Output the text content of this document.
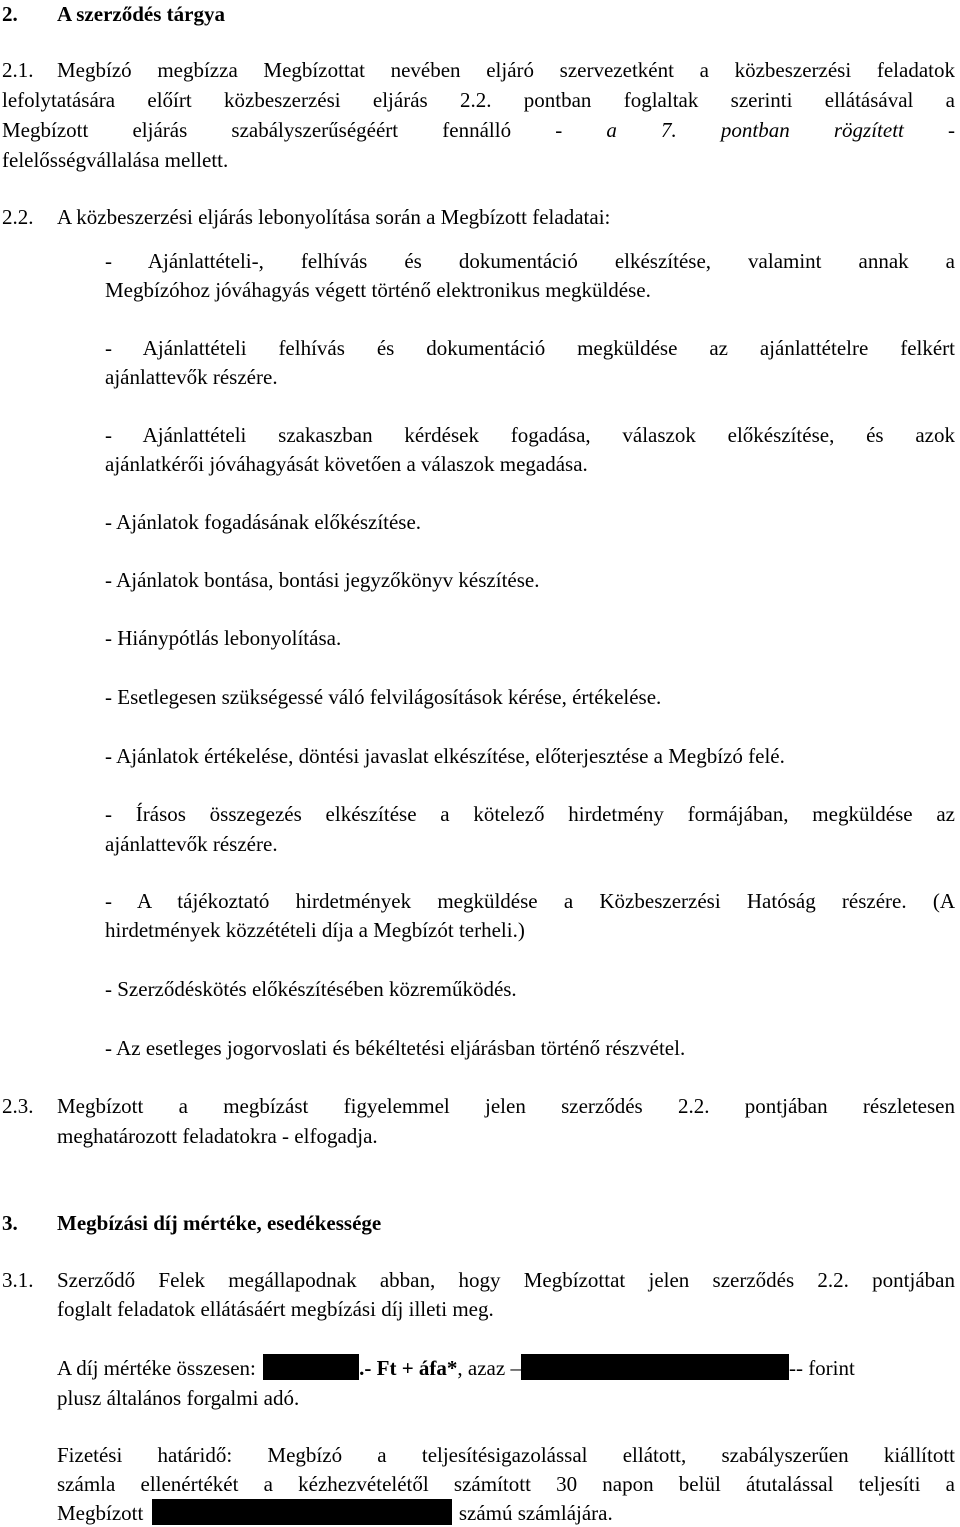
2. A szerződés tárgya
2.1. Megbízó megbízza Megbízottat nevében eljáró szervezetként a közbeszerzési feladatok
lefolytatására előírt közbeszerzési eljárás 2.2. pontban foglaltak szerinti ellátásával a
Megbízott eljárás szabályszerűségéért fennálló - a 7. pontban rögzített -
felelősségvállalása mellett.
2.2. A közbeszerzési eljárás lebonyolítása során a Megbízott feladatai:
- Ajánlattételi-, felhívás és dokumentáció elkészítése, valamint annak a
Megbízóhoz jóváhagyás végett történő elektronikus megküldése.
- Ajánlattételi felhívás és dokumentáció megküldése az ajánlattételre felkért
ajánlattevők részére.
- Ajánlattételi szakaszban kérdések fogadása, válaszok előkészítése, és azok
ajánlatkérői jóváhagyását követően a válaszok megadása.
- Ajánlatok fogadásának előkészítése.
- Ajánlatok bontása, bontási jegyzőkönyv készítése.
- Hiánypótlás lebonyolítása.
- Esetlegesen szükségessé váló felvilágosítások kérése, értékelése.
- Ajánlatok értékelése, döntési javaslat elkészítése, előterjesztése a Megbízó felé.
- Írásos összegezés elkészítése a kötelező hirdetmény formájában, megküldése az
ajánlattevők részére.
- A tájékoztató hirdetmények megküldése a Közbeszerzési Hatóság részére. (A
hirdetmények közzétételi díja a Megbízót terheli.)
- Szerződéskötés előkészítésében közreműködés.
- Az esetleges jogorvoslati és békéltetési eljárásban történő részvétel.
2.3. Megbízott a megbízást figyelemmel jelen szerződés 2.2. pontjában részletesen
meghatározott feladatokra - elfogadja.
3. Megbízási díj mértéke, esedékessége
3.1. Szerződő Felek megállapodnak abban, hogy Megbízottat jelen szerződés 2.2. pontjában
foglalt feladatok ellátásáért megbízási díj illeti meg.
A díj mértéke összesen:	.- Ft + áfa*, azaz –	-- forint
plusz általános forgalmi adó.
Fizetési határidő: Megbízó a teljesítésigazolással ellátott, szabályszerűen kiállított
számla ellenértékét a kézhezvételétől számított 30 napon belül átutalással teljesíti a
Megbízott	számú számlájára.
